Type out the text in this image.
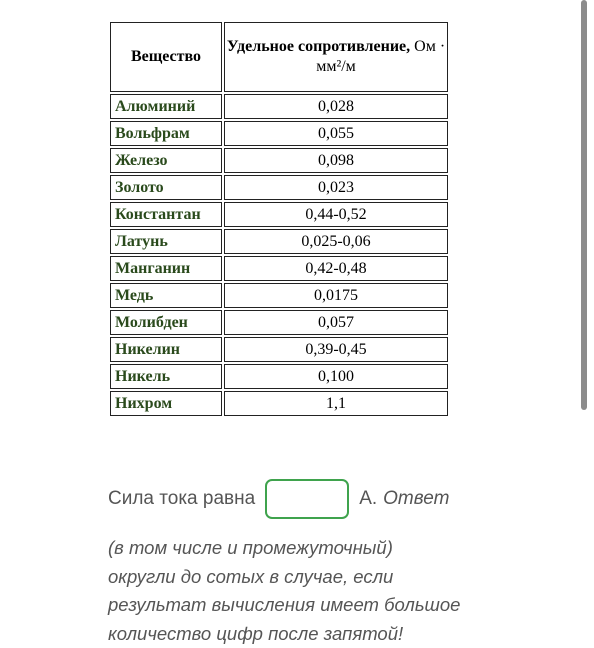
Вещество	Удельное сопротивление, Ом ·
мм²/м
Алюминий	0,028
Вольфрам	0,055
Железо	0,098
Золото	0,023
Константан	0,44-0,52
Латунь	0,025-0,06
Манганин	0,42-0,48
Медь	0,0175
Молибден	0,057
Никелин	0,39-0,45
Никель	0,100
Нихром	1,1
Сила тока равна	А. Ответ
(в том числе и промежуточный)
округли до сотых в случае, если
результат вычисления имеет большое
количество цифр после запятой!
